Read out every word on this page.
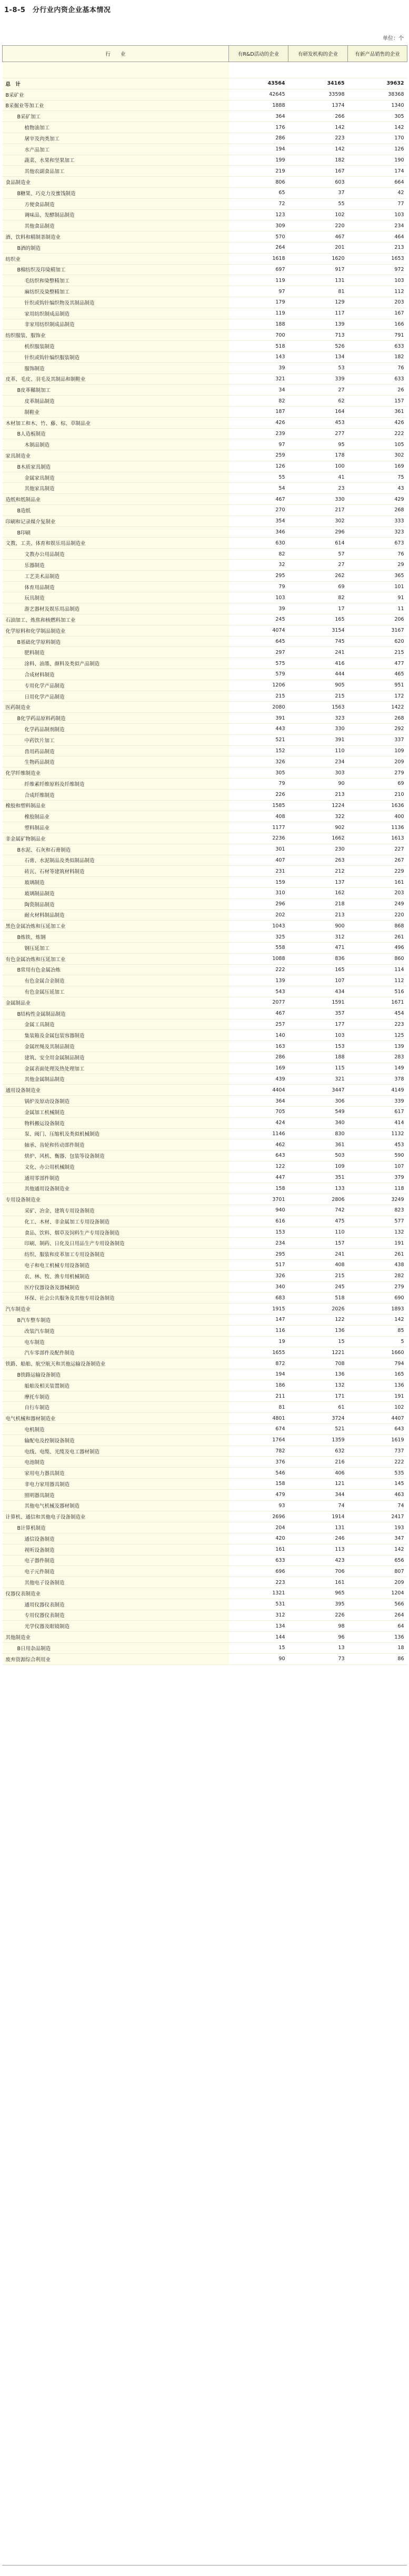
1-8-5　分行业内资企业基本情况
单位：个
行　　业	有R&D活动的企业	有研发机构的企业	有新产品销售的企业

总　计	43564	34165	39632
B采矿业	42645	33598	38368
B采掘业等加工业	1888	1374	1340
B采矿加工	364	266	305
植物油加工	176	142	142
屠宰及肉类加工	286	223	170
水产品加工	194	142	126
蔬菜、水果和坚果加工	199	182	190
其他农副食品加工	219	167	174
食品制造业	806	603	664
B糖果、巧克力及蜜饯制造	65	37	42
方便食品制造	72	55	77
调味品、发酵制品制造	123	102	103
其他食品制造	309	220	234
酒、饮料和精制茶制造业	570	467	464
B酒的制造	264	201	213
纺织业	1618	1620	1653
B棉纺织及印染精加工	697	917	972
毛纺织和染整精加工	119	131	103
麻纺织及染整精加工	97	81	112
针织或钩针编织物及其制品制造	179	129	203
家用纺织制成品制造	119	117	167
非家用纺织制成品制造	188	139	166
纺织服装、服饰业	700	713	791
机织服装制造	518	526	633
针织或钩针编织服装制造	143	134	182
服饰制造	39	53	76
皮革、毛皮、羽毛及其制品和制鞋业	321	339	633
B皮革鞣制加工	34	27	26
皮革制品制造	82	62	157
制鞋业	187	164	361
木材加工和木、竹、藤、棕、草制品业	426	453	426
B人造板制造	239	277	222
木制品制造	97	95	105
家具制造业	259	178	302
B木质家具制造	126	100	169
金属家具制造	55	41	75
其他家具制造	54	23	43
造纸和纸制品业	467	330	429
B造纸	270	217	268
印刷和记录媒介复制业	354	302	333
B印刷	346	296	323
文教、工美、体育和娱乐用品制造业	630	614	673
文教办公用品制造	82	57	76
乐器制造	32	27	29
工艺美术品制造	295	262	365
体育用品制造	79	69	101
玩具制造	103	82	91
游艺器材及娱乐用品制造	39	17	11
石油加工、炼焦和核燃料加工业	245	165	206
化学原料和化学制品制造业	4074	3154	3167
B基础化学原料制造	645	745	620
肥料制造	297	241	215
涂料、油墨、颜料及类似产品制造	575	416	477
合成材料制造	579	444	465
专用化学产品制造	1206	905	951
日用化学产品制造	215	215	172
医药制造业	2080	1563	1422
B化学药品原料药制造	391	323	268
化学药品制剂制造	443	330	292
中药饮片加工	521	391	337
兽用药品制造	152	110	109
生物药品制造	326	234	209
化学纤维制造业	305	303	279
纤维素纤维原料及纤维制造	79	90	69
合成纤维制造	226	213	210
橡胶和塑料制品业	1585	1224	1636
橡胶制品业	408	322	400
塑料制品业	1177	902	1136
非金属矿物制品业	2236	1662	1613
B水泥、石灰和石膏制造	301	230	227
石膏、水泥制品及类似制品制造	407	263	267
砖瓦、石材等建筑材料制造	231	212	229
玻璃制造	159	137	161
玻璃制品制造	310	162	203
陶瓷制品制造	296	218	249
耐火材料制品制造	202	213	220
黑色金属冶炼和压延加工业	1043	900	868
B炼铁、炼钢	325	312	261
钢压延加工	558	471	496
有色金属冶炼和压延加工业	1088	836	860
B常用有色金属冶炼	222	165	114
有色金属合金制造	139	107	112
有色金属压延加工	543	434	516
金属制品业	2077	1591	1671
B结构性金属制品制造	467	357	454
金属工具制造	257	177	223
集装箱及金属包装容器制造	140	103	125
金属丝绳及其制品制造	163	153	139
建筑、安全用金属制品制造	286	188	283
金属表面处理及热处理加工	169	115	149
其他金属制品制造	439	321	378
通用设备制造业	4404	3447	4149
锅炉及原动设备制造	364	306	339
金属加工机械制造	705	549	617
物料搬运设备制造	424	340	414
泵、阀门、压缩机及类似机械制造	1146	830	1132
轴承、齿轮和传动部件制造	462	361	453
烘炉、风机、衡器、包装等设备制造	643	503	590
文化、办公用机械制造	122	109	107
通用零部件制造	447	351	379
其他通用设备制造业	158	133	118
专用设备制造业	3701	2806	3249
采矿、冶金、建筑专用设备制造	940	742	823
化工、木材、非金属加工专用设备制造	616	475	577
食品、饮料、烟草及饲料生产专用设备制造	153	110	132
印刷、制药、日化及日用品生产专用设备制造	234	157	191
纺织、服装和皮革加工专用设备制造	295	241	261
电子和电工机械专用设备制造	517	408	438
农、林、牧、渔专用机械制造	326	215	282
医疗仪器设备及器械制造	340	245	279
环保、社会公共服务及其他专用设备制造	683	518	690
汽车制造业	1915	2026	1893
B汽车整车制造	147	122	142
改装汽车制造	116	136	85
电车制造	19	15	5
汽车零部件及配件制造	1655	1221	1660
铁路、船舶、航空航天和其他运输设备制造业	872	708	794
B铁路运输设备制造	194	136	165
船舶及相关装置制造	186	132	136
摩托车制造	211	171	191
自行车制造	81	61	102
电气机械和器材制造业	4801	3724	4407
电机制造	674	521	643
输配电及控制设备制造	1764	1359	1619
电线、电缆、光缆及电工器材制造	782	632	737
电池制造	376	216	222
家用电力器具制造	546	406	535
非电力家用器具制造	158	121	145
照明器具制造	479	344	463
其他电气机械及器材制造	93	74	74
计算机、通信和其他电子设备制造业	2696	1914	2417
B计算机制造	204	131	193
通信设备制造	420	246	347
视听设备制造	161	113	142
电子器件制造	633	423	656
电子元件制造	696	706	807
其他电子设备制造	223	161	209
仪器仪表制造业	1321	965	1204
通用仪器仪表制造	531	395	566
专用仪器仪表制造	312	226	264
光学仪器及眼镜制造	134	98	64
其他制造业	144	96	136
B日用杂品制造	15	13	18
废弃资源综合利用业	90	73	86
